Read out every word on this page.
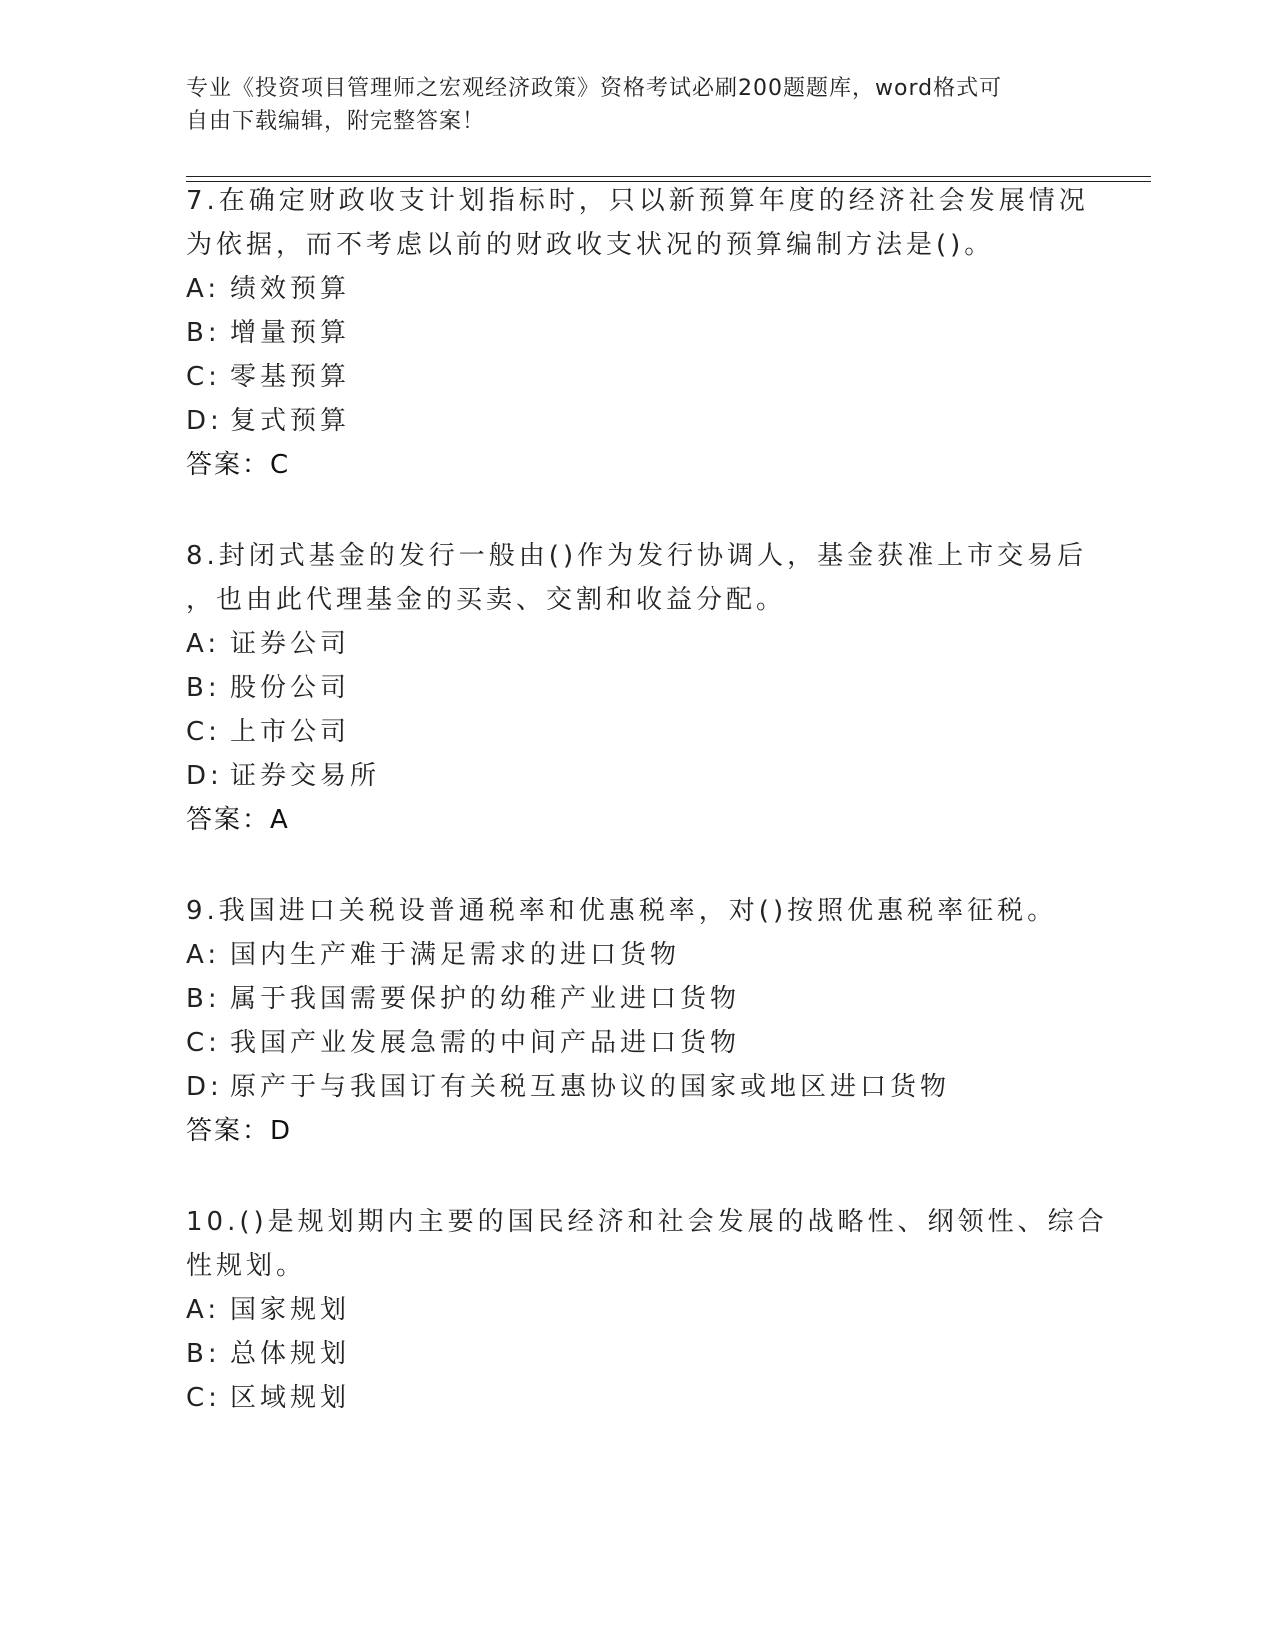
专业《投资项目管理师之宏观经济政策》资格考试必刷200题题库，word格式可
自由下载编辑，附完整答案！
7.在确定财政收支计划指标时，只以新预算年度的经济社会发展情况
为依据，而不考虑以前的财政收支状况的预算编制方法是()。
A: 绩效预算
B: 增量预算
C: 零基预算
D: 复式预算
答案：C
8.封闭式基金的发行一般由()作为发行协调人，基金获准上市交易后
，也由此代理基金的买卖、交割和收益分配。
A: 证券公司
B: 股份公司
C: 上市公司
D: 证券交易所
答案：A
9.我国进口关税设普通税率和优惠税率，对()按照优惠税率征税。
A: 国内生产难于满足需求的进口货物
B: 属于我国需要保护的幼稚产业进口货物
C: 我国产业发展急需的中间产品进口货物
D: 原产于与我国订有关税互惠协议的国家或地区进口货物
答案：D
10.()是规划期内主要的国民经济和社会发展的战略性、纲领性、综合
性规划。
A: 国家规划
B: 总体规划
C: 区域规划
